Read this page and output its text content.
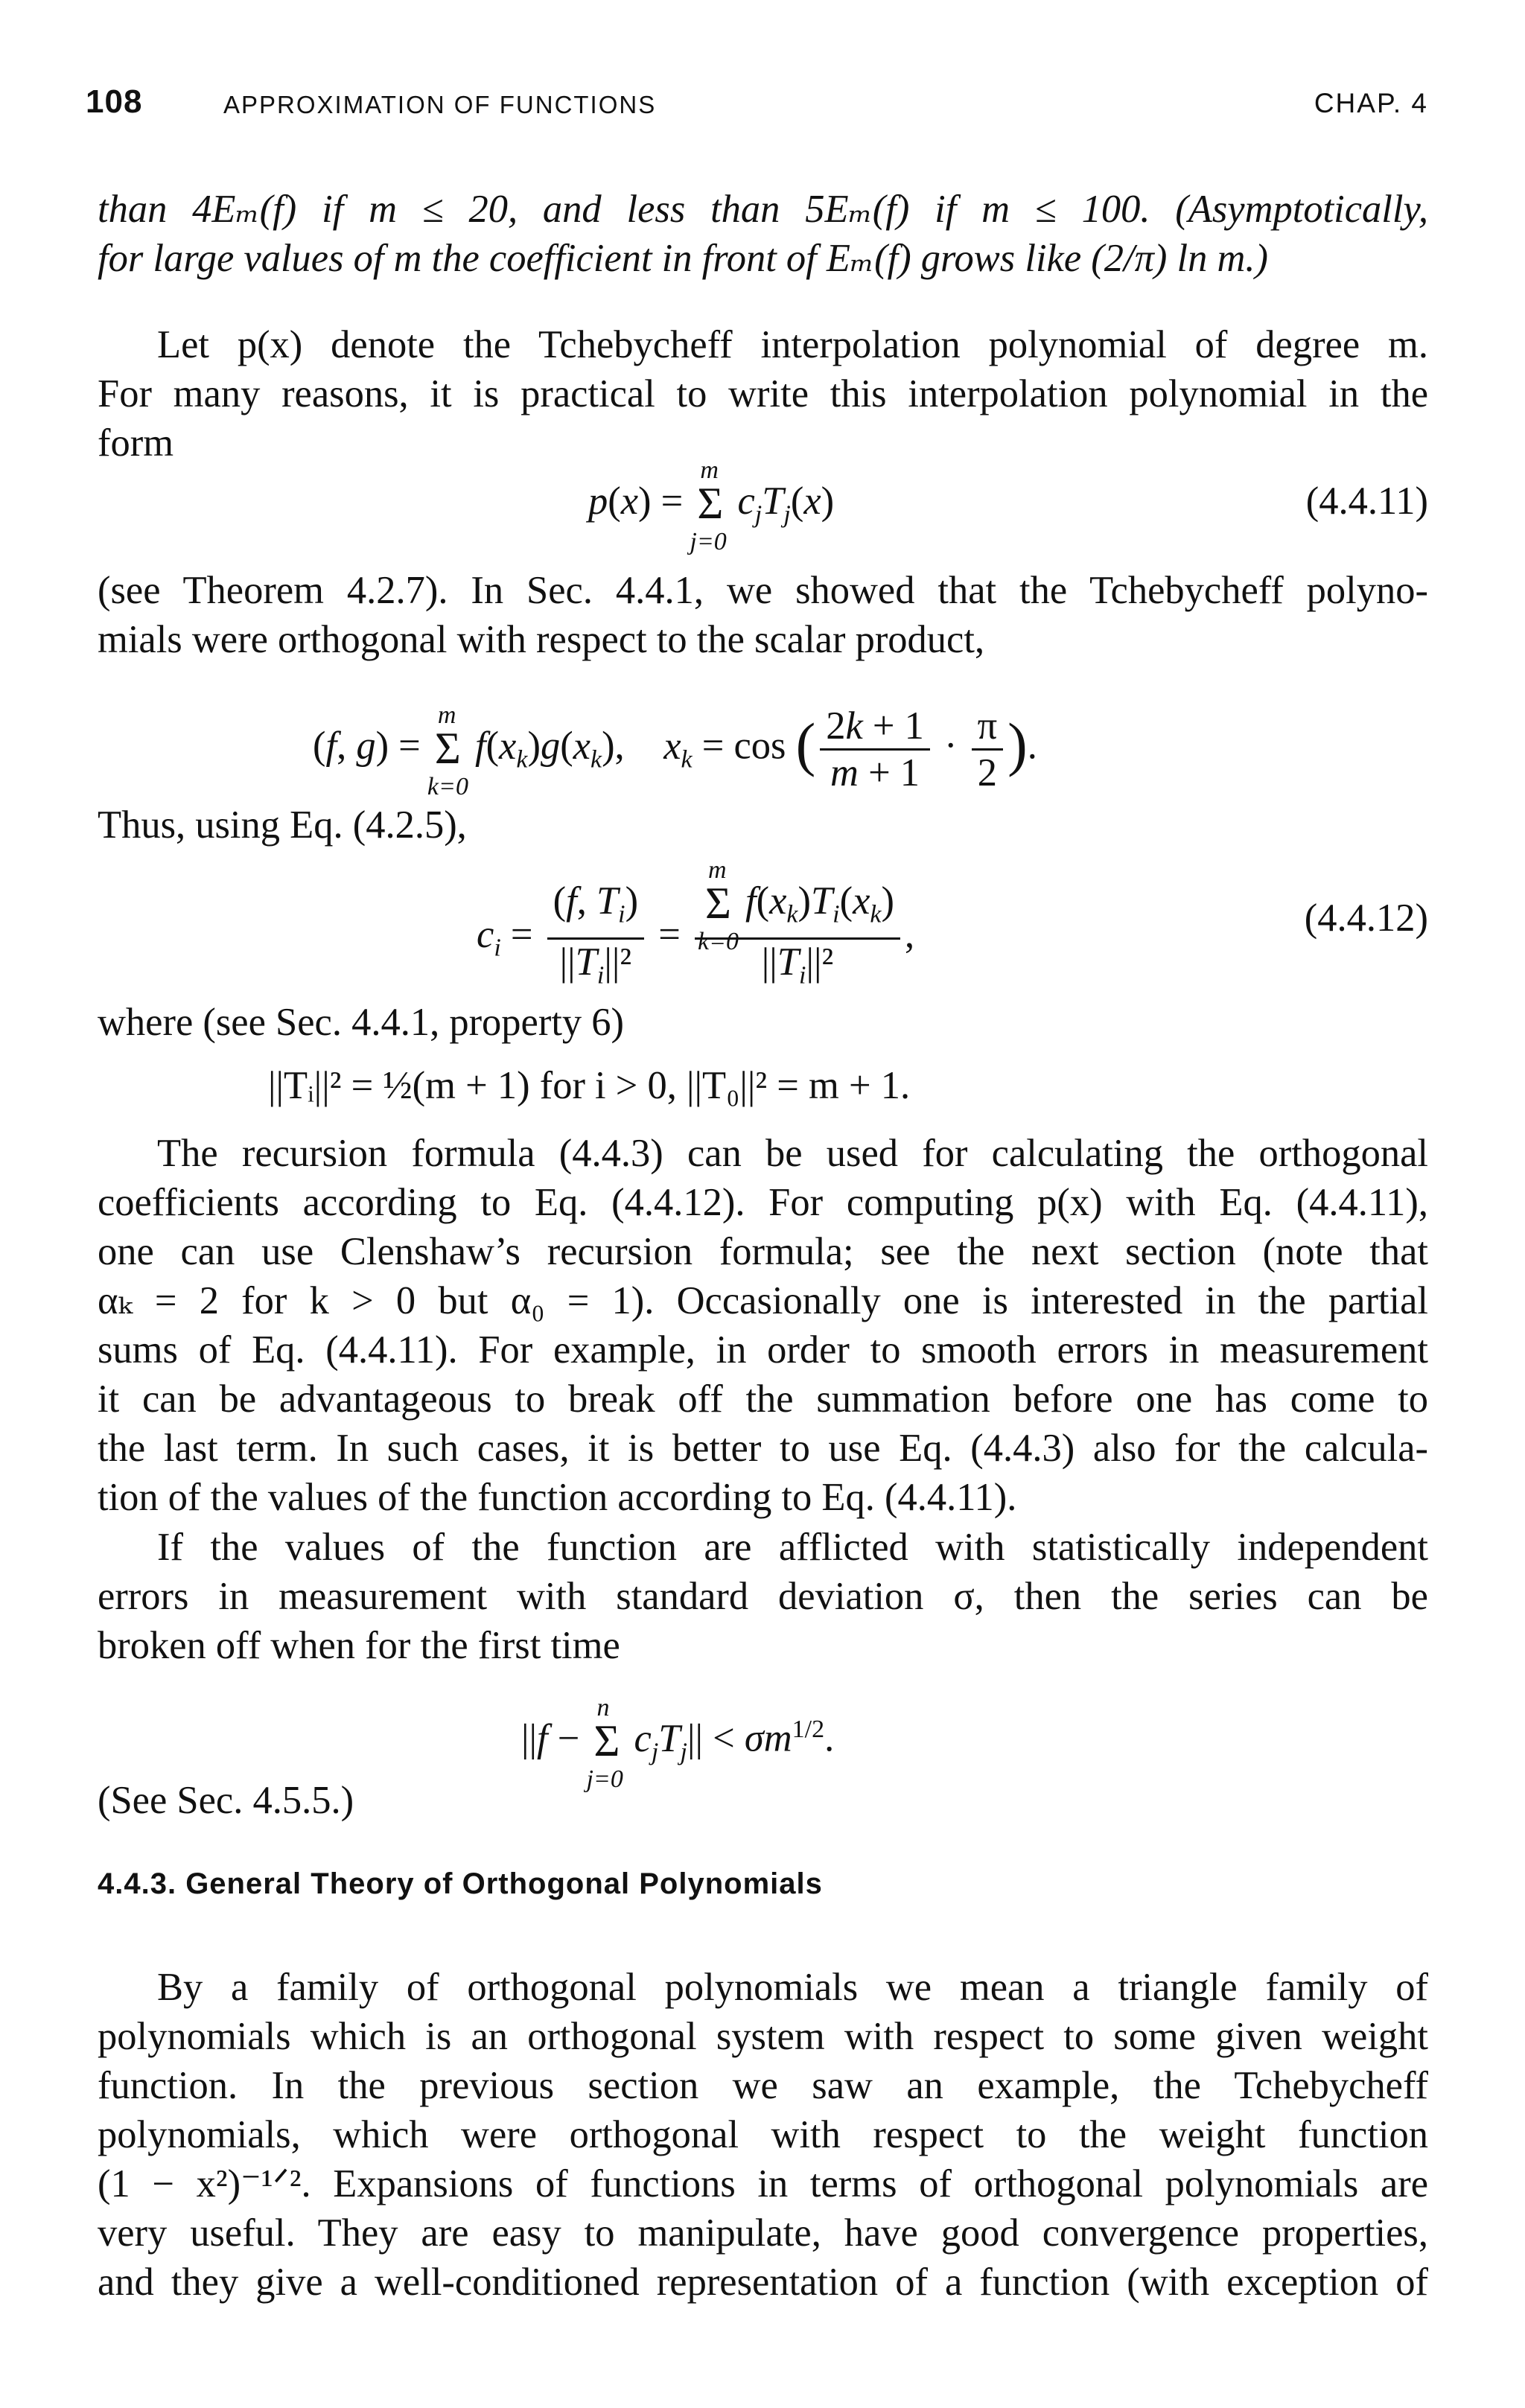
108	APPROXIMATION OF FUNCTIONS	CHAP. 4
than 4Eₘ(f) if m ≤ 20, and less than 5Eₘ(f) if m ≤ 100. (Asymptotically,
for large values of m the coefficient in front of Eₘ(f) grows like (2/π) ln m.)
Let p(x) denote the Tchebycheff interpolation polynomial of degree m.
For many reasons, it is practical to write this interpolation polynomial in the
form
p(x) = Σ
m
j=0
$c_jT_j(x)$	(4.4.11)
(see Theorem 4.2.7). In Sec. 4.4.1, we showed that the Tchebycheff polyno-
mials were orthogonal with respect to the scalar product,
(f, g) = Σ
m
k=0
$f(x_k)g(x_k)$,    $x_k = \cos$ ( $\frac{2k + 1}{m + 1} \cdot \frac{\pi}{2}$ ).
Thus, using Eq. (4.2.5),
$c_i = \frac{(f, T_i)}{||T_i||^2} = \Sigma$
m
k=0
$f(x_k)T_i(x_k)$
$||T_i||^2$ ,	(4.4.12)
where (see Sec. 4.4.1, property 6)
||Tᵢ||² = ½(m + 1) for i > 0, ||T₀||² = m + 1.
The recursion formula (4.4.3) can be used for calculating the orthogonal
coefficients according to Eq. (4.4.12). For computing p(x) with Eq. (4.4.11),
one can use Clenshaw’s recursion formula; see the next section (note that
αₖ = 2 for k > 0 but α₀ = 1). Occasionally one is interested in the partial
sums of Eq. (4.4.11). For example, in order to smooth errors in measurement
it can be advantageous to break off the summation before one has come to
the last term. In such cases, it is better to use Eq. (4.4.3) also for the calcula-
tion of the values of the function according to Eq. (4.4.11).
If the values of the function are afflicted with statistically independent
errors in measurement with standard deviation σ, then the series can be
broken off when for the first time
||f − Σ
n
j=0
$c_jT_j|| < \sigma m^{1/2}$.
(See Sec. 4.5.5.)
4.4.3. General Theory of Orthogonal Polynomials
By a family of orthogonal polynomials we mean a triangle family of
polynomials which is an orthogonal system with respect to some given weight
function. In the previous section we saw an example, the Tchebycheff
polynomials, which were orthogonal with respect to the weight function
(1 − x²)⁻¹ᐟ². Expansions of functions in terms of orthogonal polynomials are
very useful. They are easy to manipulate, have good convergence properties,
and they give a well-conditioned representation of a function (with exception of
